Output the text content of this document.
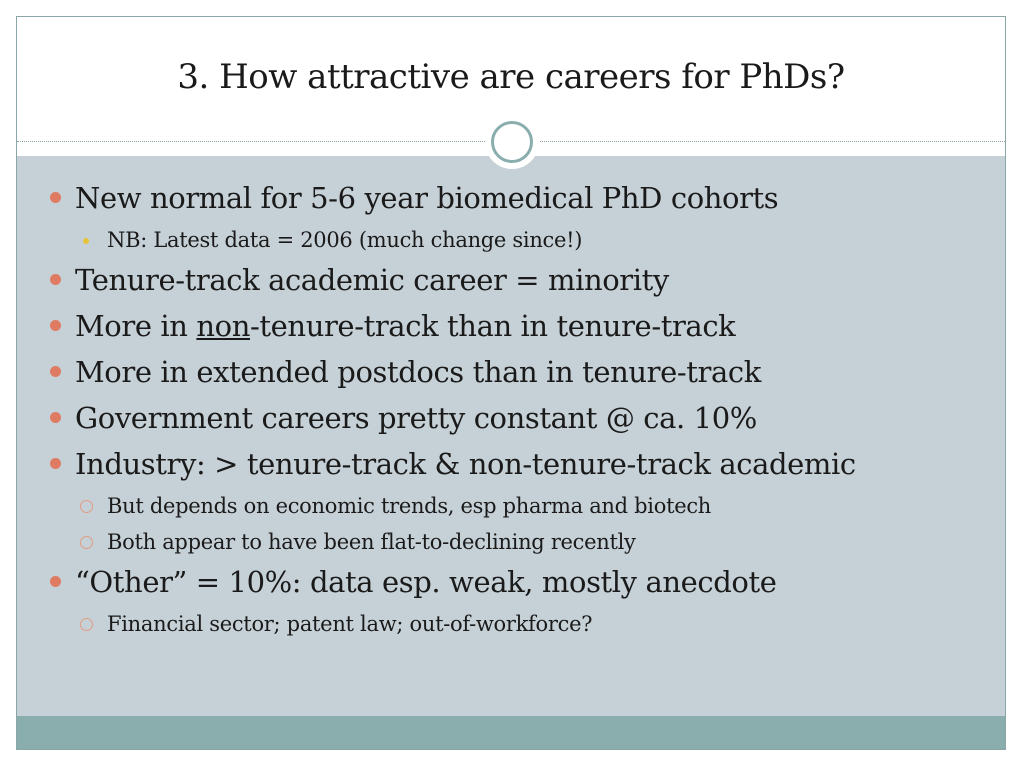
3. How attractive are careers for PhDs?
New normal for 5-6 year biomedical PhD cohorts
NB: Latest data = 2006 (much change since!)
Tenure-track academic career = minority
More in non-tenure-track than in tenure-track
More in extended postdocs than in tenure-track
Government careers pretty constant @ ca. 10%
Industry: > tenure-track & non-tenure-track academic
But depends on economic trends, esp pharma and biotech
Both appear to have been flat-to-declining recently
“Other” = 10%: data esp. weak, mostly anecdote
Financial sector; patent law; out-of-workforce?
